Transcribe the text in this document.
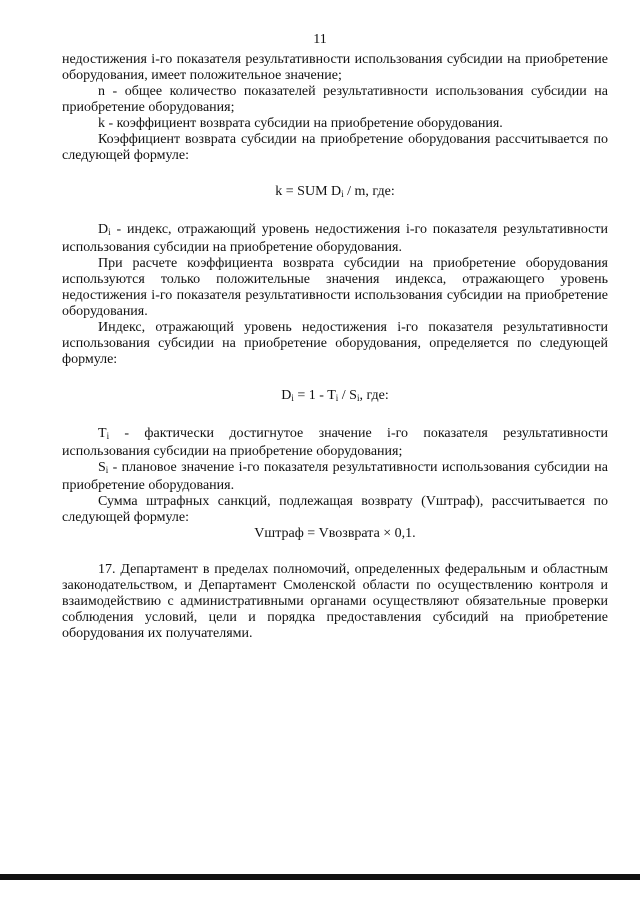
11

недостижения i-го показателя результативности использования субсидии на приобретение оборудования, имеет положительное значение;

n - общее количество показателей результативности использования субсидии на приобретение оборудования;

k - коэффициент возврата субсидии на приобретение оборудования.

Коэффициент возврата субсидии на приобретение оборудования рассчитывается по следующей формуле:

k = SUM $D_i$ / m, где:

$D_i$ - индекс, отражающий уровень недостижения i-го показателя результативности использования субсидии на приобретение оборудования.

При расчете коэффициента возврата субсидии на приобретение оборудования используются только положительные значения индекса, отражающего уровень недостижения i-го показателя результативности использования субсидии на приобретение оборудования.

Индекс, отражающий уровень недостижения i-го показателя результативности использования субсидии на приобретение оборудования, определяется по следующей формуле:

$D_i = 1 - T_i / S_i$, где:

$T_i$ - фактически достигнутое значение i-го показателя результативности использования субсидии на приобретение оборудования;

$S_i$ - плановое значение i-го показателя результативности использования субсидии на приобретение оборудования.

Сумма штрафных санкций, подлежащая возврату (Vштраф), рассчитывается по следующей формуле:

Vштраф = Vвозврата × 0,1.

17. Департамент в пределах полномочий, определенных федеральным и областным законодательством, и Департамент Смоленской области по осуществлению контроля и взаимодействию с административными органами осуществляют обязательные проверки соблюдения условий, цели и порядка предоставления субсидий на приобретение оборудования их получателями.
